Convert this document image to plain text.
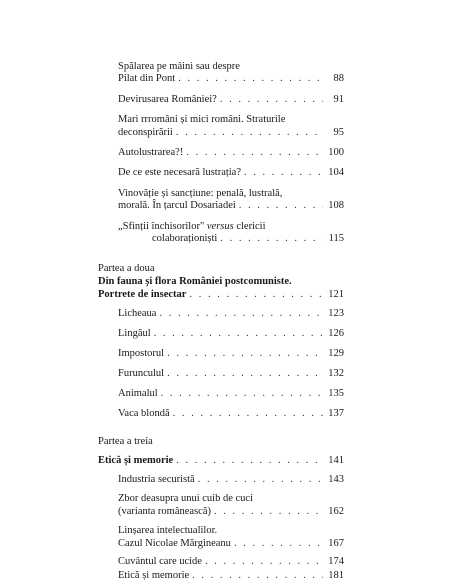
Spălarea pe mâini sau despre
Pilat din Pont . . .	88
Devirusarea României? . . .	91
Mari rrromâni și mici români. Straturile
deconspirării . . .	95
Autolustrarea?! . . .	100
De ce este necesară lustrația? . . .	104
Vinovăție și sancțiune: penală, lustrală,
morală. În țarcul Dosariadei . . .	108
„Sfinții închisorilor" versus clericii
colaboraționiști . . .	115
Partea a doua
Din fauna și flora României postcomuniste.
Portrete de insectar . . .	121
Licheaua . . .	123
Lingăul . . .	126
Impostorul . . .	129
Furunculul . . .	132
Animalul . . .	135
Vaca blondă . . .	137
Partea a treia
Etică și memorie . . .	141
Industria securistă . . .	143
Zbor deasupra unui cuib de cuci
(varianta românească) . . .	162
Linșarea intelectualilor.
Cazul Nicolae Mărgineanu . . .	167
Cuvântul care ucide . . .	174
Etică și memorie . . .	181
